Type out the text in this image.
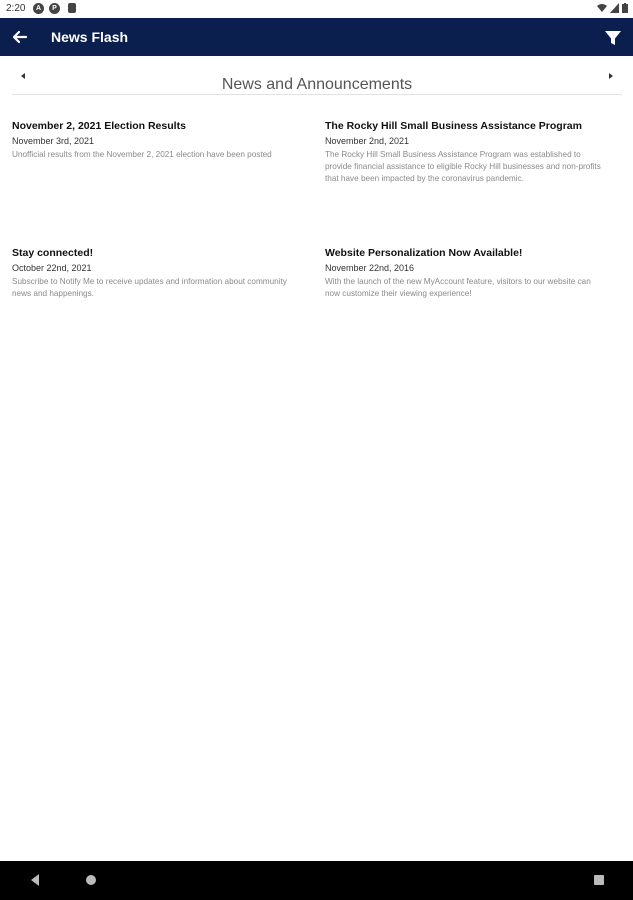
2:20	A	P
News Flash
News and Announcements

November 2, 2021 Election Results

November 3rd, 2021

Unofficial results from the November 2, 2021 election have been posted

The Rocky Hill Small Business Assistance Program

November 2nd, 2021

The Rocky Hill Small Business Assistance Program was established to provide financial assistance to eligible Rocky Hill businesses and non-profits that have been impacted by the coronavirus pandemic.

Stay connected!

October 22nd, 2021

Subscribe to Notify Me to receive updates and information about community news and happenings.

Website Personalization Now Available!

November 22nd, 2016

With the launch of the new MyAccount feature, visitors to our website can now customize their viewing experience!
